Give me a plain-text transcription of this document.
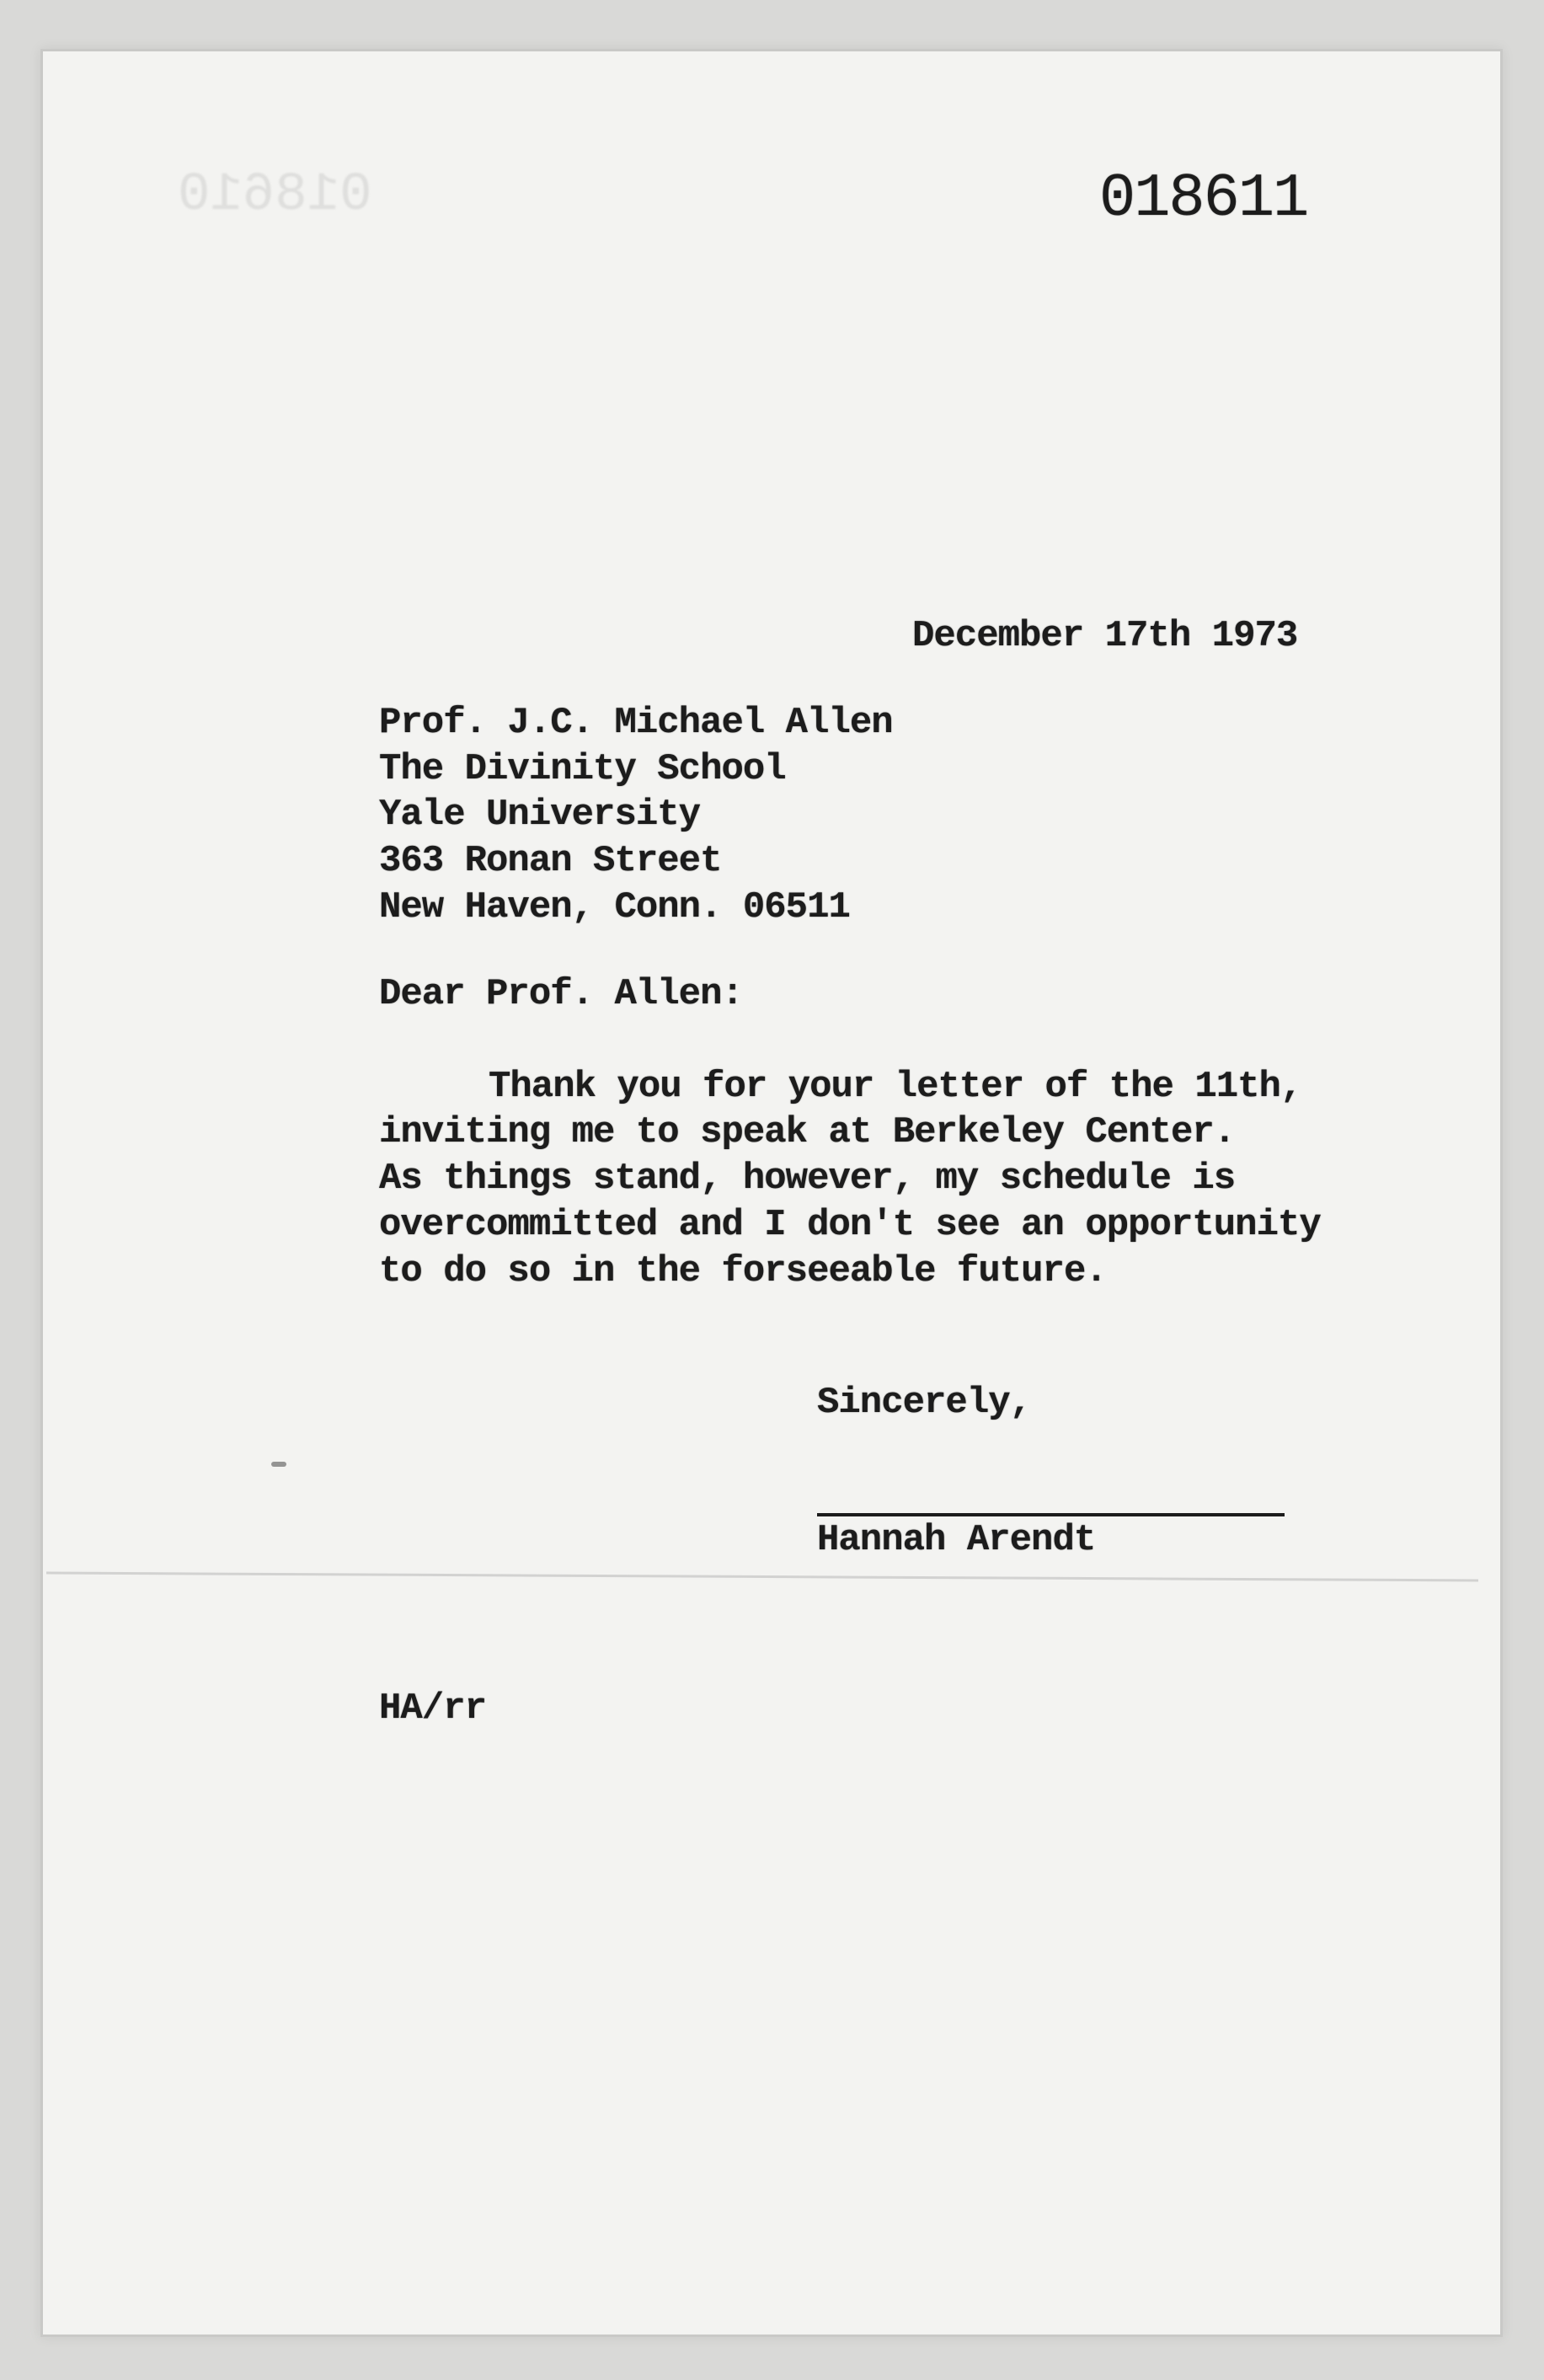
018610	018611
December 17th 1973
Prof. J.C. Michael Allen
The Divinity School
Yale University
363 Ronan Street
New Haven, Conn. 06511
Dear Prof. Allen:
Thank you for your letter of the 11th,
inviting me to speak at Berkeley Center.
As things stand, however, my schedule is
overcommitted and I don't see an opportunity
to do so in the forseeable future.
Sincerely,
Hannah Arendt
HA/rr
